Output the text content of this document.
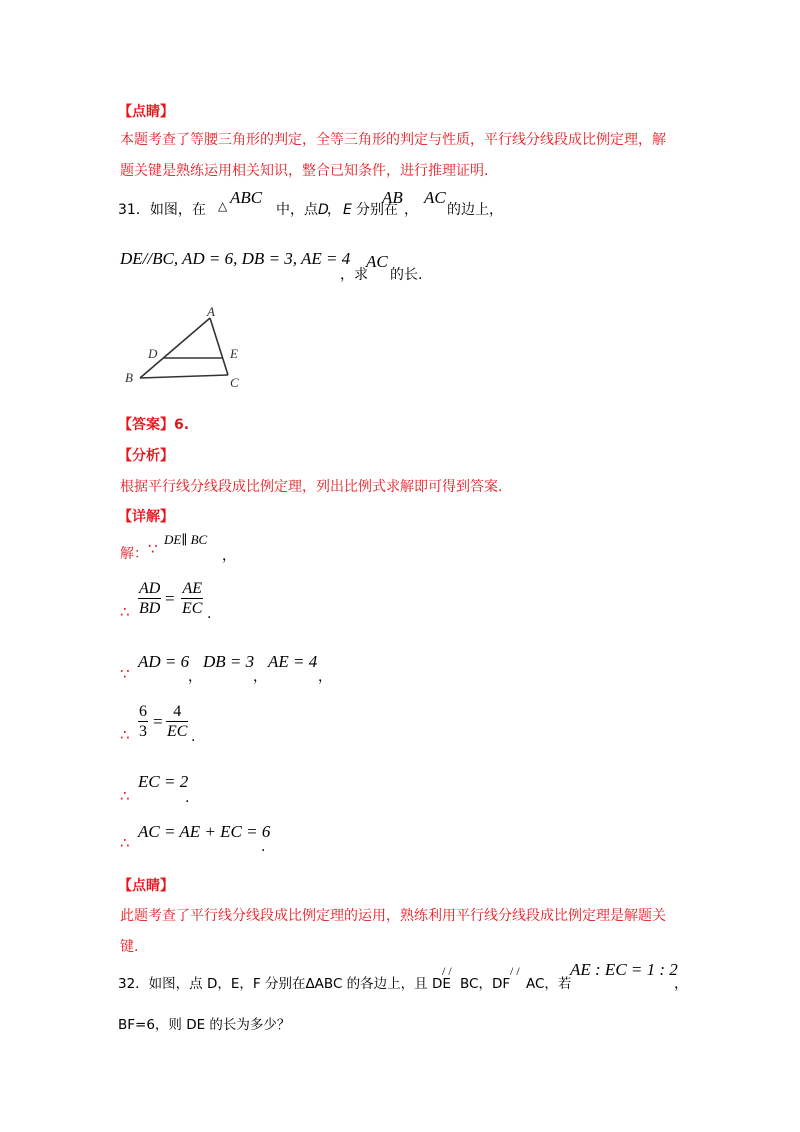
【点睛】
本题考查了等腰三角形的判定，全等三角形的判定与性质，平行线分线段成比例定理，解
题关键是熟练运用相关知识，整合已知条件，进行推理证明.
31．如图，在 △ ABC
中，点 D
， E 分别在
AB
，
AC
的边上，
DE//BC, AD = 6, DB = 3, AE = 4
，求
AC
的长.
A
B	C
D	E
【答案】6.
【分析】
根据平行线分线段成比例定理，列出比例式求解即可得到答案.
【详解】
解： ∵
DE∥ BC
，
∴
AD
BD
=
AE
EC .
∵
AD = 6
，
DB = 3
，
AE = 4
，
∴
6
3
=
4
EC .
∴
EC = 2
.
∴
AC = AE + EC = 6
.
【点睛】
此题考查了平行线分线段成比例定理的运用，熟练利用平行线分线段成比例定理是解题关
键.
32．如图，点 D，E，F 分别在ΔABC 的各边上，且 DE
/ /
BC，DF
/ /
AC，若
AE : EC = 1 : 2
，
BF=6，则 DE 的长为多少？
